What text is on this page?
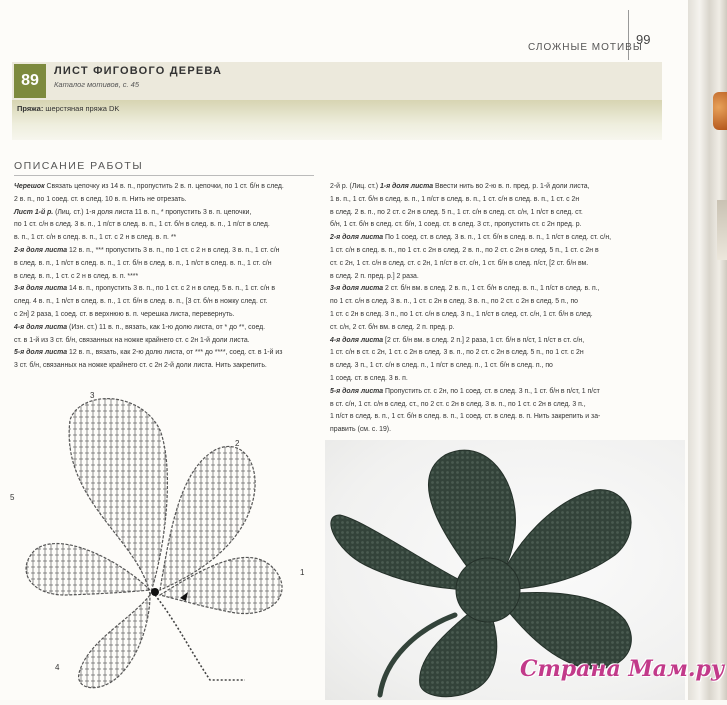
СЛОЖНЫЕ МОТИВЫ
99
89
ЛИСТ ФИГОВОГО ДЕРЕВА
Каталог мотивов, с. 45
Пряжа: шерстяная пряжа DK
ОПИСАНИЕ РАБОТЫ

Черешок Связать цепочку из 14 в. п., пропустить 2 в. п. цепочки, по 1 ст. б/н в след.

2 в. п., по 1 соед. ст. в след. 10 в. п. Нить не отрезать.

Лист 1-й р. (Лиц. ст.) 1-я доля листа 11 в. п., * пропустить 3 в. п. цепочки,

по 1 ст. с/н в след. 3 в. п., 1 п/ст в след. в. п., 1 ст. б/н в след. в. п., 1 п/ст в след.

в. п., 1 ст. с/н в след. в. п., 1 ст. с 2 н в след. в. п. **

2-я доля листа 12 в. п., *** пропустить 3 в. п., по 1 ст. с 2 н в след. 3 в. п., 1 ст. с/н

в след. в. п., 1 п/ст в след. в. п., 1 ст. б/н в след. в. п., 1 п/ст в след. в. п., 1 ст. с/н

в след. в. п., 1 ст. с 2 н в след. в. п. ****

3-я доля листа 14 в. п., пропустить 3 в. п., по 1 ст. с 2 н в след. 5 в. п., 1 ст. с/н в

след. 4 в. п., 1 п/ст в след. в. п., 1 ст. б/н в след. в. п., [3 ст. б/н в ножку след. ст.

с 2н] 2 раза, 1 соед. ст. в верхнюю в. п. черешка листа, перевернуть.

4-я доля листа (Изн. ст.) 11 в. п., вязать, как 1-ю долю листа, от * до **, соед.

ст. в 1-й из 3 ст. б/н, связанных на ножке крайнего ст. с 2н 1-й доли листа.

5-я доля листа 12 в. п., вязать, как 2-ю долю листа, от *** до ****, соед. ст. в 1-й из

3 ст. б/н, связанных на ножке крайнего ст. с 2н 2-й доли листа. Нить закрепить.

2-й р. (Лиц. ст.) 1-я доля листа Ввести нить во 2-ю в. п. пред. р. 1-й доли листа,

1 в. п., 1 ст. б/н в след. в. п., 1 п/ст в след. в. п., 1 ст. с/н в след. в. п., 1 ст. с 2н

в след. 2 в. п., по 2 ст. с 2н в след. 5 п., 1 ст. с/н в след. ст. с/н, 1 п/ст в след. ст.

б/н, 1 ст. б/н в след. ст. б/н, 1 соед. ст. в след. 3 ст., пропустить ст. с 2н пред. р.

2-я доля листа По 1 соед. ст. в след. 3 в. п., 1 ст. б/н в след. в. п., 1 п/ст в след. ст. с/н,

1 ст. с/н в след. в. п., по 1 ст. с 2н в след. 2 в. п., по 2 ст. с 2н в след. 5 п., 1 ст. с 2н в

ст. с 2н, 1 ст. с/н в след. ст. с 2н, 1 п/ст в ст. с/н, 1 ст. б/н в след. п/ст, [2 ст. б/н вм.

в след. 2 п. пред. р.] 2 раза.

3-я доля листа 2 ст. б/н вм. в след. 2 в. п., 1 ст. б/н в след. в. п., 1 п/ст в след. в. п.,

по 1 ст. с/н в след. 3 в. п., 1 ст. с 2н в след. 3 в. п., по 2 ст. с 2н в след. 5 п., по

1 ст. с 2н в след. 3 п., по 1 ст. с/н в след. 3 п., 1 п/ст в след. ст. с/н, 1 ст. б/н в след.

ст. с/н, 2 ст. б/н вм. в след. 2 п. пред. р.

4-я доля листа [2 ст. б/н вм. в след. 2 п.] 2 раза, 1 ст. б/н в п/ст, 1 п/ст в ст. с/н,

1 ст. с/н в ст. с 2н, 1 ст. с 2н в след. 3 в. п., по 2 ст. с 2н в след. 5 п., по 1 ст. с 2н

в след. 3 п., 1 ст. с/н в след. п., 1 п/ст в след. п., 1 ст. б/н в след. п., по

1 соед. ст. в след. 3 в. п.

5-я доля листа Пропустить ст. с 2н, по 1 соед. ст. в след. 3 п., 1 ст. б/н в п/ст, 1 п/ст

в ст. с/н, 1 ст. с/н в след. ст., по 2 ст. с 2н в след. 3 в. п., по 1 ст. с 2н в след. 3 п.,

1 п/ст в след. в. п., 1 ст. б/н в след. в. п., 1 соед. ст. в след. в. п. Нить закрепить и за-

править (см. с. 19).

3
2
5
1
4	Страна Мам.ру
